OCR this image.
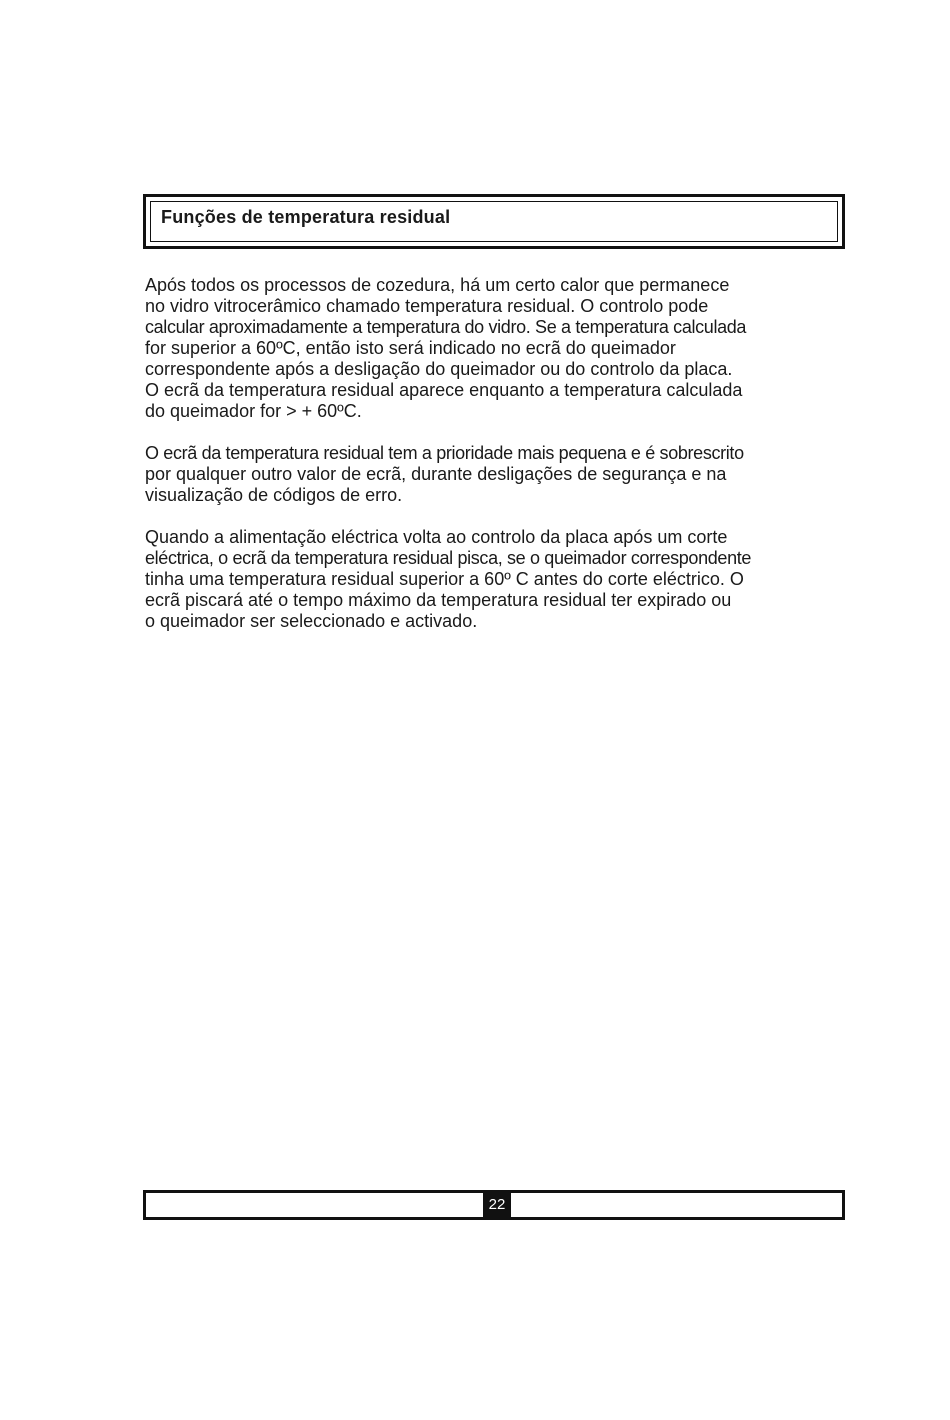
Funções de temperatura residual

Após todos os processos de cozedura, há um certo calor que permanece
no vidro vitrocerâmico chamado temperatura residual. O controlo pode
calcular aproximadamente a temperatura do vidro. Se a temperatura calculada
for superior a 60ºC, então isto será indicado no ecrã do queimador
correspondente após a desligação do queimador ou do controlo da placa.
O ecrã da temperatura residual aparece enquanto a temperatura calculada
do queimador for > + 60ºC.

O ecrã da temperatura residual tem a prioridade mais pequena e é sobrescrito
por qualquer outro valor de ecrã, durante desligações de segurança e na
visualização de códigos de erro.

Quando a alimentação eléctrica volta ao controlo da placa após um corte
eléctrica, o ecrã da temperatura residual pisca, se o queimador correspondente
tinha uma temperatura residual superior a 60º C antes do corte eléctrico. O
ecrã piscará até o tempo máximo da temperatura residual ter expirado ou
o queimador ser seleccionado e activado.

22
